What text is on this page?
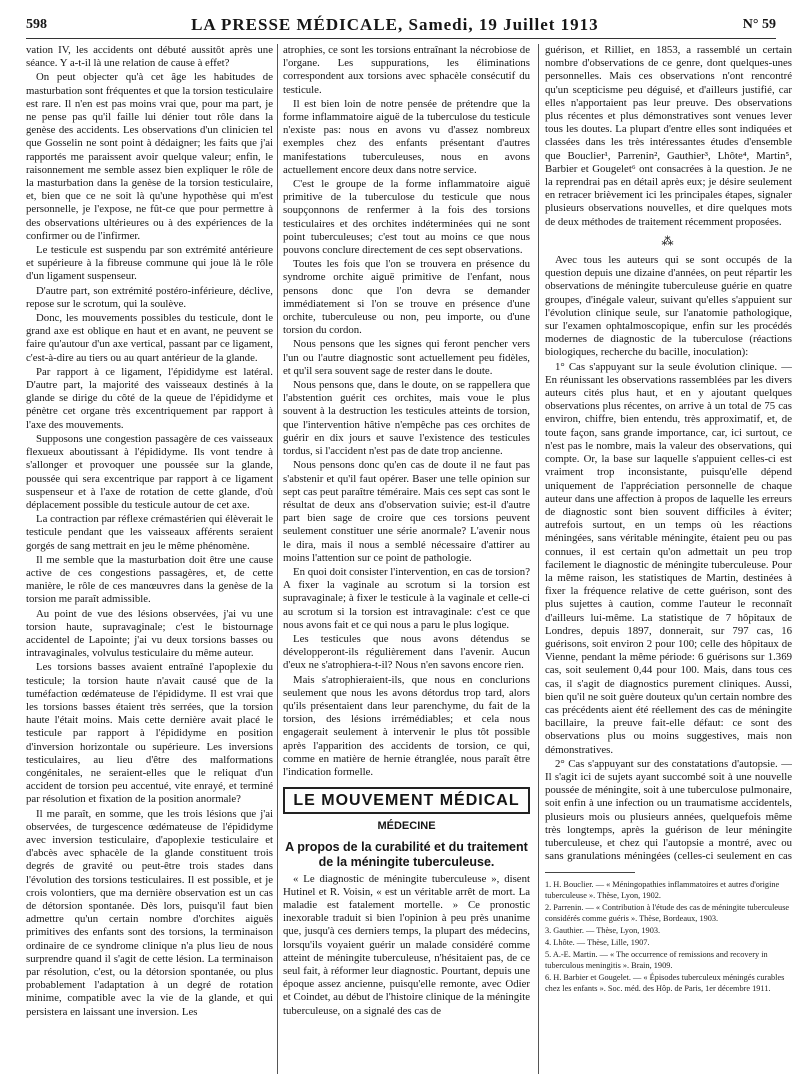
598	LA PRESSE MÉDICALE, Samedi, 19 Juillet 1913	N° 59

vation IV, les accidents ont débuté aussitôt après une séance. Y a-t-il là une relation de cause à effet?

On peut objecter qu'à cet âge les habitudes de masturbation sont fréquentes et que la torsion testiculaire est rare. Il n'en est pas moins vrai que, pour ma part, je ne pense pas qu'il faille lui dénier tout rôle dans la genèse des accidents. Les observations d'un clinicien tel que Gosselin ne sont point à dédaigner; les faits que j'ai rapportés me paraissent avoir quelque valeur; enfin, le raisonnement me semble assez bien expliquer le rôle de la masturbation dans la genèse de la torsion testiculaire, et, bien que ce ne soit là qu'une hypothèse qui m'est personnelle, je l'expose, ne fût-ce que pour permettre à des observations ultérieures ou à des expériences de la confirmer ou de l'infirmer.

Le testicule est suspendu par son extrémité antérieure et supérieure à la fibreuse commune qui joue là le rôle d'un ligament suspenseur.

D'autre part, son extrémité postéro-inférieure, déclive, repose sur le scrotum, qui la soulève.

Donc, les mouvements possibles du testicule, dont le grand axe est oblique en haut et en avant, ne peuvent se faire qu'autour d'un axe vertical, passant par ce ligament, c'est-à-dire au tiers ou au quart antérieur de la glande.

Par rapport à ce ligament, l'épididyme est latéral. D'autre part, la majorité des vaisseaux destinés à la glande se dirige du côté de la queue de l'épididyme et pénètre cet organe très excentriquement par rapport à l'axe des mouvements.

Supposons une congestion passagère de ces vaisseaux flexueux aboutissant à l'épididyme. Ils vont tendre à s'allonger et provoquer une poussée sur la glande, poussée qui sera excentrique par rapport à ce ligament suspenseur et à l'axe de rotation de cette glande, d'où déplacement possible du testicule autour de cet axe.

La contraction par réflexe crémastérien qui élèverait le testicule pendant que les vaisseaux afférents seraient gorgés de sang mettrait en jeu le même phénomène.

Il me semble que la masturbation doit être une cause active de ces congestions passagères, et, de cette manière, le rôle de ces manœuvres dans la genèse de la torsion me paraît admissible.

Au point de vue des lésions observées, j'ai vu une torsion haute, supravaginale; c'est le bistournage accidentel de Lapointe; j'ai vu deux torsions basses ou intravaginales, volvulus testiculaire du même auteur.

Les torsions basses avaient entraîné l'apoplexie du testicule; la torsion haute n'avait causé que de la tuméfaction œdémateuse de l'épididyme. Il est vrai que les torsions basses étaient très serrées, que la torsion haute l'était moins. Mais cette dernière avait placé le testicule par rapport à l'épididyme en position d'inversion horizontale ou supérieure. Les inversions testiculaires, au lieu d'être des malformations congénitales, ne seraient-elles que le reliquat d'un accident de torsion peu accentué, vite enrayé, et terminé par résolution et fixation de la position anormale?

Il me paraît, en somme, que les trois lésions que j'ai observées, de turgescence œdémateuse de l'épididyme avec inversion testiculaire, d'apoplexie testiculaire et d'abcès avec sphacèle de la glande constituent trois degrés de gravité ou peut-être trois stades dans l'évolution des torsions testiculaires. Il est possible, et je crois volontiers, que ma dernière observation est un cas de détorsion spontanée. Dès lors, puisqu'il faut bien admettre qu'un certain nombre d'orchites aiguës primitives des enfants sont des torsions, la terminaison ordinaire de ce syndrome clinique n'a plus lieu de nous surprendre quand il s'agit de cette lésion. La terminaison par résolution, c'est, ou la détorsion spontanée, ou plus probablement l'adaptation à un degré de rotation minime, compatible avec la vie de la glande, et qui persistera en laissant une inversion. Les

atrophies, ce sont les torsions entraînant la nécrobiose de l'organe. Les suppurations, les éliminations correspondent aux torsions avec sphacèle consécutif du testicule.

Il est bien loin de notre pensée de prétendre que la forme inflammatoire aiguë de la tuberculose du testicule n'existe pas: nous en avons vu d'assez nombreux exemples chez des enfants présentant d'autres manifestations tuberculeuses, nous en avons actuellement encore deux dans notre service.

C'est le groupe de la forme inflammatoire aiguë primitive de la tuberculose du testicule que nous soupçonnons de renfermer à la fois des torsions testiculaires et des orchites indéterminées qui ne sont point tuberculeuses; c'est tout au moins ce que nous pouvons conclure directement de ces sept observations.

Toutes les fois que l'on se trouvera en présence du syndrome orchite aiguë primitive de l'enfant, nous pensons donc que l'on devra se demander immédiatement si l'on se trouve en présence d'une orchite, tuberculeuse ou non, peu importe, ou d'une torsion du cordon.

Nous pensons que les signes qui feront pencher vers l'un ou l'autre diagnostic sont actuellement peu fidèles, et qu'il sera souvent sage de rester dans le doute.

Nous pensons que, dans le doute, on se rappellera que l'abstention guérit ces orchites, mais voue le plus souvent à la destruction les testicules atteints de torsion, que l'intervention hâtive n'empêche pas ces orchites de guérir en dix jours et sauve l'existence des testicules tordus, si l'accident n'est pas de date trop ancienne.

Nous pensons donc qu'en cas de doute il ne faut pas s'abstenir et qu'il faut opérer. Baser une telle opinion sur sept cas peut paraître téméraire. Mais ces sept cas sont le résultat de deux ans d'observation suivie; est-il d'autre part bien sage de croire que ces torsions peuvent seulement constituer une série anormale? L'avenir nous le dira, mais il nous a semblé nécessaire d'attirer au moins l'attention sur ce point de pathologie.

En quoi doit consister l'intervention, en cas de torsion? A fixer la vaginale au scrotum si la torsion est supravaginale; à fixer le testicule à la vaginale et celle-ci au scrotum si la torsion est intravaginale: c'est ce que nous avons fait et ce qui nous a paru le plus logique.

Les testicules que nous avons détendus se développeront-ils régulièrement dans l'avenir. Aucun d'eux ne s'atrophiera-t-il? Nous n'en savons encore rien.

Mais s'atrophieraient-ils, que nous en conclurions seulement que nous les avons détordus trop tard, alors qu'ils présentaient dans leur parenchyme, du fait de la torsion, des lésions irrémédiables; et cela nous engagerait seulement à intervenir le plus tôt possible après l'apparition des accidents de torsion, ce qui, comme en matière de hernie étranglée, nous paraît être l'indication formelle.

LE MOUVEMENT MÉDICAL
MÉDECINE
A propos de la curabilité et du traitement de la méningite tuberculeuse.

« Le diagnostic de méningite tuberculeuse », disent Hutinel et R. Voisin, « est un véritable arrêt de mort. La maladie est fatalement mortelle. » Ce pronostic inexorable traduit si bien l'opinion à peu près unanime que, jusqu'à ces derniers temps, la plupart des médecins, lorsqu'ils voyaient guérir un malade considéré comme atteint de méningite tuberculeuse, n'hésitaient pas, de ce seul fait, à réformer leur diagnostic. Pourtant, depuis une époque assez ancienne, puisqu'elle remonte, avec Odier et Coindet, au début de l'histoire clinique de la méningite tuberculeuse, on a signalé des cas de

guérison, et Rilliet, en 1853, a rassemblé un certain nombre d'observations de ce genre, dont quelques-unes personnelles. Mais ces observations n'ont rencontré qu'un scepticisme peu déguisé, et d'ailleurs justifié, car elles n'apportaient pas leur preuve. Des observations plus récentes et plus démonstratives sont venues lever tous les doutes. La plupart d'entre elles sont indiquées et classées dans les très intéressantes études d'ensemble que Bouclier¹, Parrenin², Gauthier³, Lhôte⁴, Martin⁵, Barbier et Gougelet⁶ ont consacrées à la question. Je ne la reprendrai pas en détail après eux; je désire seulement en retracer brièvement ici les principales étapes, signaler plusieurs observations nouvelles, et dire quelques mots de deux méthodes de traitement récemment proposées.

⁂

Avec tous les auteurs qui se sont occupés de la question depuis une dizaine d'années, on peut répartir les observations de méningite tuberculeuse guérie en quatre groupes, d'inégale valeur, suivant qu'elles s'appuient sur l'évolution clinique seule, sur l'anatomie pathologique, sur l'examen ophtalmoscopique, enfin sur les procédés modernes de diagnostic de la tuberculose (réactions biologiques, recherche du bacille, inoculation):

1° Cas s'appuyant sur la seule évolution clinique. — En réunissant les observations rassemblées par les divers auteurs cités plus haut, et en y ajoutant quelques observations plus récentes, on arrive à un total de 75 cas environ, chiffre, bien entendu, très approximatif, et, de toute façon, sans grande importance, car, ici surtout, ce n'est pas le nombre, mais la valeur des observations, qui compte. Or, la base sur laquelle s'appuient celles-ci est vraiment trop inconsistante, puisqu'elle dépend uniquement de l'appréciation personnelle de chaque auteur dans une affection à propos de laquelle les erreurs de diagnostic sont bien souvent difficiles à éviter; autrefois surtout, en un temps où les réactions méningées, sans véritable méningite, étaient peu ou pas connues, il est certain qu'on admettait un peu trop facilement le diagnostic de méningite tuberculeuse. Pour la même raison, les statistiques de Martin, destinées à fixer la fréquence relative de cette guérison, sont des plus sujettes à caution, comme l'auteur le reconnaît d'ailleurs lui-même. La statistique de 7 hôpitaux de Londres, depuis 1897, donnerait, sur 797 cas, 16 guérisons, soit environ 2 pour 100; celle des hôpitaux de Vienne, pendant la même période: 6 guérisons sur 1.369 cas, soit seulement 0,44 pour 100. Mais, dans tous ces cas, il s'agit de diagnostics purement cliniques. Aussi, bien qu'il ne soit guère douteux qu'un certain nombre des cas précédents aient été réellement des cas de méningite bacillaire, la preuve fait-elle défaut: ce sont des observations plus ou moins suggestives, mais non démonstratives.

2° Cas s'appuyant sur des constatations d'autopsie. — Il s'agit ici de sujets ayant succombé soit à une nouvelle poussée de méningite, soit à une tuberculose pulmonaire, soit enfin à une infection ou un traumatisme accidentels, plusieurs mois ou plusieurs années, quelquefois même très longtemps, après la guérison de leur méningite tuberculeuse, et chez qui l'autopsie a montré, avec ou sans granulations méningées (celles-ci seulement en cas

1. H. Bouclier. — « Méningopathies inflammatoires et autres d'origine tuberculeuse ». Thèse, Lyon, 1902.
2. Parrenin. — « Contribution à l'étude des cas de méningite tuberculeuse considérés comme guéris ». Thèse, Bordeaux, 1903.
3. Gauthier. — Thèse, Lyon, 1903.
4. Lhôte. — Thèse, Lille, 1907.
5. A.-E. Martin. — « The occurrence of remissions and recovery in tuberculous meningitis ». Brain, 1909.
6. H. Barbier et Gougelet. — « Épisodes tuberculeux méningés curables chez les enfants ». Soc. méd. des Hôp. de Paris, 1er décembre 1911.
